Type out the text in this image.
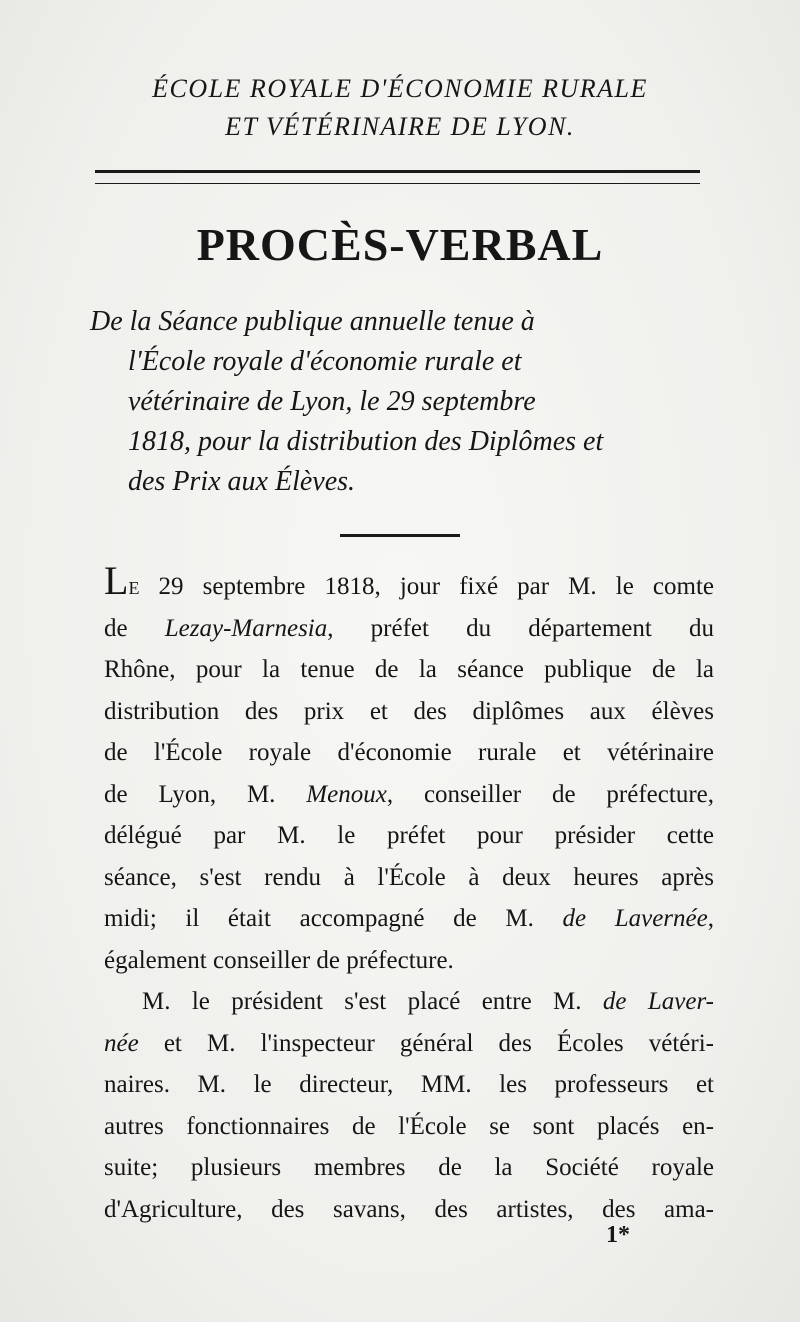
ÉCOLE ROYALE D'ÉCONOMIE RURALE
ET VÉTÉRINAIRE DE LYON.
PROCÈS-VERBAL
De la Séance publique annuelle tenue à
l'École royale d'économie rurale et
vétérinaire de Lyon, le 29 septembre
1818, pour la distribution des Diplômes et
des Prix aux Élèves.

Le 29 septembre 1818, jour fixé par M. le comte
de Lezay-Marnesia, préfet du département du
Rhône, pour la tenue de la séance publique de la
distribution des prix et des diplômes aux élèves
de l'École royale d'économie rurale et vétérinaire
de Lyon, M. Menoux, conseiller de préfecture,
délégué par M. le préfet pour présider cette
séance, s'est rendu à l'École à deux heures après
midi; il était accompagné de M. de Lavernée,
également conseiller de préfecture.

M. le président s'est placé entre M. de Laver-
née et M. l'inspecteur général des Écoles vétéri-
naires. M. le directeur, MM. les professeurs et
autres fonctionnaires de l'École se sont placés en-
suite; plusieurs membres de la Société royale
d'Agriculture, des savans, des artistes, des ama-

1*
